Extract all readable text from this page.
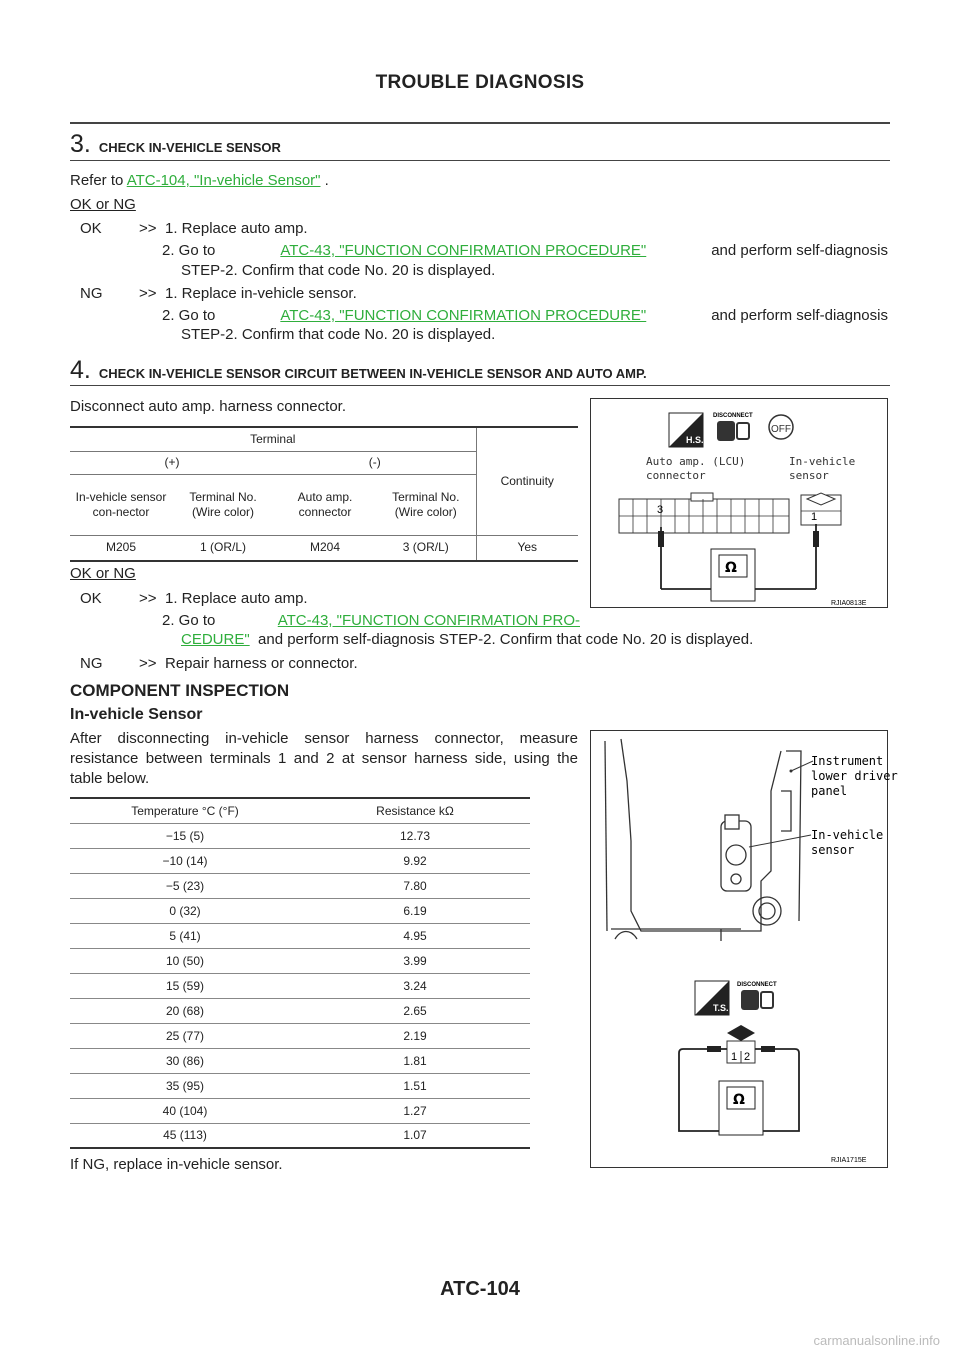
TROUBLE DIAGNOSIS
3. CHECK IN-VEHICLE SENSOR
Refer to ATC-104, "In-vehicle Sensor" .
OK or NG
OK >> 1. Replace auto amp.
2. Go to	ATC-43, "FUNCTION CONFIRMATION PROCEDURE"	and perform self-diagnosis
STEP-2. Confirm that code No. 20 is displayed.
NG >> 1. Replace in-vehicle sensor.
2. Go to	ATC-43, "FUNCTION CONFIRMATION PROCEDURE"	and perform self-diagnosis
STEP-2. Confirm that code No. 20 is displayed.
4. CHECK IN-VEHICLE SENSOR CIRCUIT BETWEEN IN-VEHICLE SENSOR AND AUTO AMP.
Disconnect auto amp. harness connector.
Terminal				Continuity
(+)		(-)		
In-vehicle sensor con-nector	Terminal No. (Wire color)	Auto amp. connector	Terminal No. (Wire color)	
M205	1 (OR/L)	M204	3 (OR/L)	Yes
H.S.
DISCONNECT
OFF
Auto amp. (LCU)
connector
In-vehicle
sensor
3
1
Ω
RJIA0813E
OK or NG
OK >> 1. Replace auto amp.
2. Go to	ATC-43, "FUNCTION CONFIRMATION PRO-
CEDURE" and perform self-diagnosis STEP-2. Confirm that code No. 20 is displayed.
NG >> Repair harness or connector.
COMPONENT INSPECTION
In-vehicle Sensor
After disconnecting in-vehicle sensor harness connector, measure resistance between terminals 1 and 2 at sensor harness side, using the table below.
Temperature °C (°F)	Resistance kΩ
−15 (5)	12.73
−10 (14)	9.92
−5 (23)	7.80
0 (32)	6.19
5 (41)	4.95
10 (50)	3.99
15 (59)	3.24
20 (68)	2.65
25 (77)	2.19
30 (86)	1.81
35 (95)	1.51
40 (104)	1.27
45 (113)	1.07
If NG, replace in-vehicle sensor.
Instrument
lower driver
panel
In-vehicle
sensor
T.S.
DISCONNECT
1 2
Ω
RJIA1715E
ATC-104
carmanualsonline.info
